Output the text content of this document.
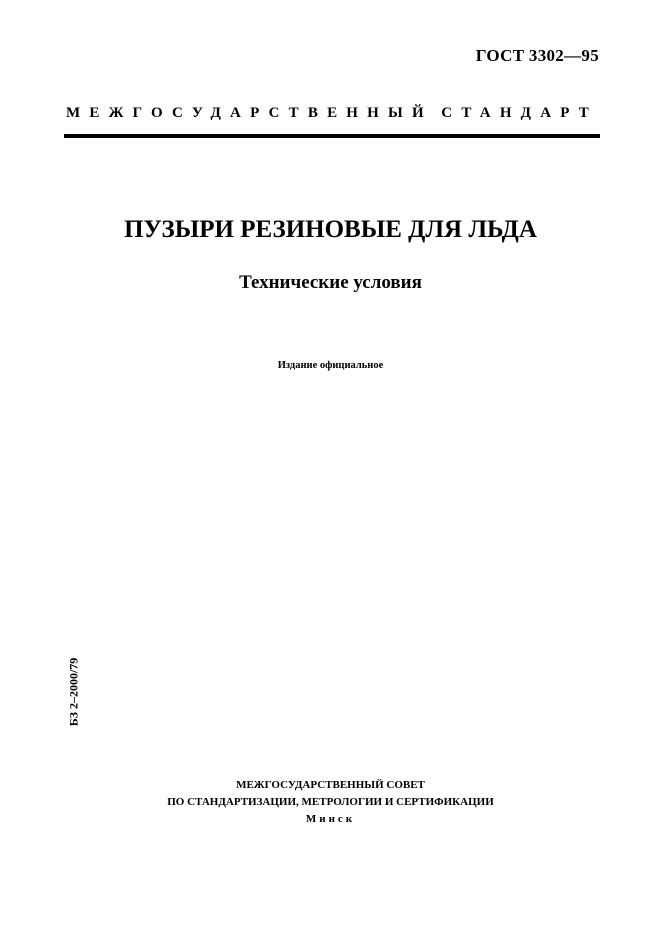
ГОСТ 3302—95
МЕЖГОСУДАРСТВЕННЫЙ СТАНДАРТ
ПУЗЫРИ РЕЗИНОВЫЕ ДЛЯ ЛЬДА
Технические условия
Издание официальное
БЗ 2–2000/79
МЕЖГОСУДАРСТВЕННЫЙ СОВЕТ
ПО СТАНДАРТИЗАЦИИ, МЕТРОЛОГИИ И СЕРТИФИКАЦИИ
Минск
